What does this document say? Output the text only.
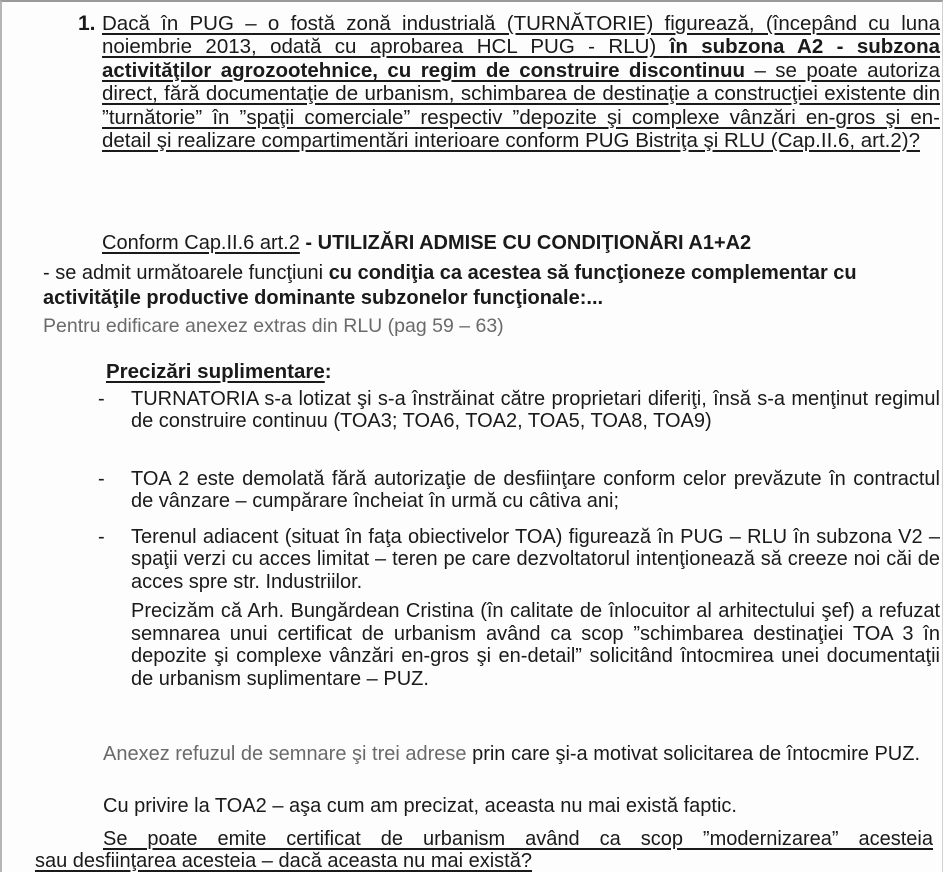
1. Dacă în PUG – o fostă zonă industrială (TURNĂTORIE) figurează, (începând cu luna noiembrie 2013, odată cu aprobarea HCL PUG - RLU) în subzona A2 - subzona activităţilor agrozootehnice, cu regim de construire discontinuu – se poate autoriza direct, fără documentaţie de urbanism, schimbarea de destinaţie a construcţiei existente din ”turnătorie” în ”spaţii comerciale” respectiv ”depozite şi complexe vânzări en-gros şi en-detail şi realizare compartimentări interioare conform PUG Bistriţa şi RLU (Cap.II.6, art.2)?
Conform Cap.II.6 art.2 - UTILIZĂRI ADMISE CU CONDIŢIONĂRI A1+A2
- se admit următoarele funcţiuni cu condiţia ca acestea să funcţioneze complementar cu activităţile productive dominante subzonelor funcţionale:...
Pentru edificare anexez extras din RLU (pag 59 – 63)
Precizări suplimentare:
- TURNATORIA s-a lotizat şi s-a înstrăinat către proprietari diferiţi, însă s-a menţinut regimul de construire continuu (TOA3; TOA6, TOA2, TOA5, TOA8, TOA9)
- TOA 2 este demolată fără autorizaţie de desfiinţare conform celor prevăzute în contractul de vânzare – cumpărare încheiat în urmă cu câtiva ani;
- Terenul adiacent (situat în faţa obiectivelor TOA) figurează în PUG – RLU în subzona V2 – spaţii verzi cu acces limitat – teren pe care dezvoltatorul intenţionează să creeze noi căi de acces spre str. Industriilor.
Precizăm că Arh. Bungărdean Cristina (în calitate de înlocuitor al arhitectului şef) a refuzat semnarea unui certificat de urbanism având ca scop ”schimbarea destinaţiei TOA 3 în depozite şi complexe vânzări en-gros şi en-detail” solicitând întocmirea unei documentaţii de urbanism suplimentare – PUZ.
Anexez refuzul de semnare şi trei adrese prin care şi-a motivat solicitarea de întocmire PUZ.
Cu privire la TOA2 – aşa cum am precizat, aceasta nu mai există faptic.
Se poate emite certificat de urbanism având ca scop ”modernizarea” acesteia
sau desfiinţarea acesteia – dacă aceasta nu mai există?
